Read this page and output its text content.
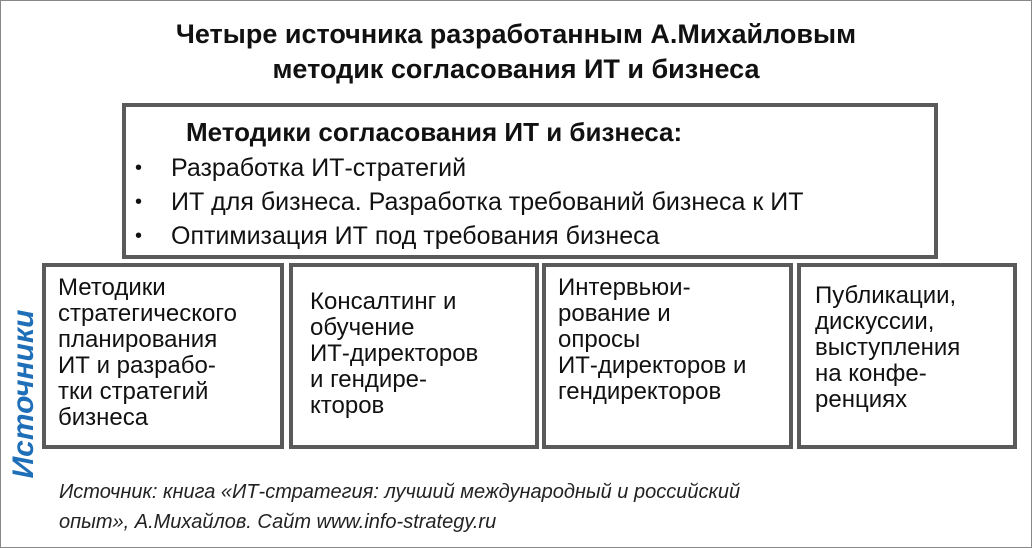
Четыре источника разработанным А.Михайловым
методик согласования ИТ и бизнеса
Методики согласования ИТ и бизнеса:
• Разработка ИТ-стратегий
• ИТ для бизнеса. Разработка требований бизнеса к ИТ
• Оптимизация ИТ под требования бизнеса
Источники
Методики
стратегического
планирования
ИТ и разрабо-
тки стратегий
бизнеса
Консалтинг и
обучение
ИТ-директоров
и гендире-
кторов
Интервьюи-
рование и
опросы
ИТ-директоров и
гендиректоров
Публикации,
дискуссии,
выступления
на конфе-
ренциях
Источник: книга «ИТ-стратегия: лучший международный и российский
опыт», А.Михайлов. Сайт www.info-strategy.ru
